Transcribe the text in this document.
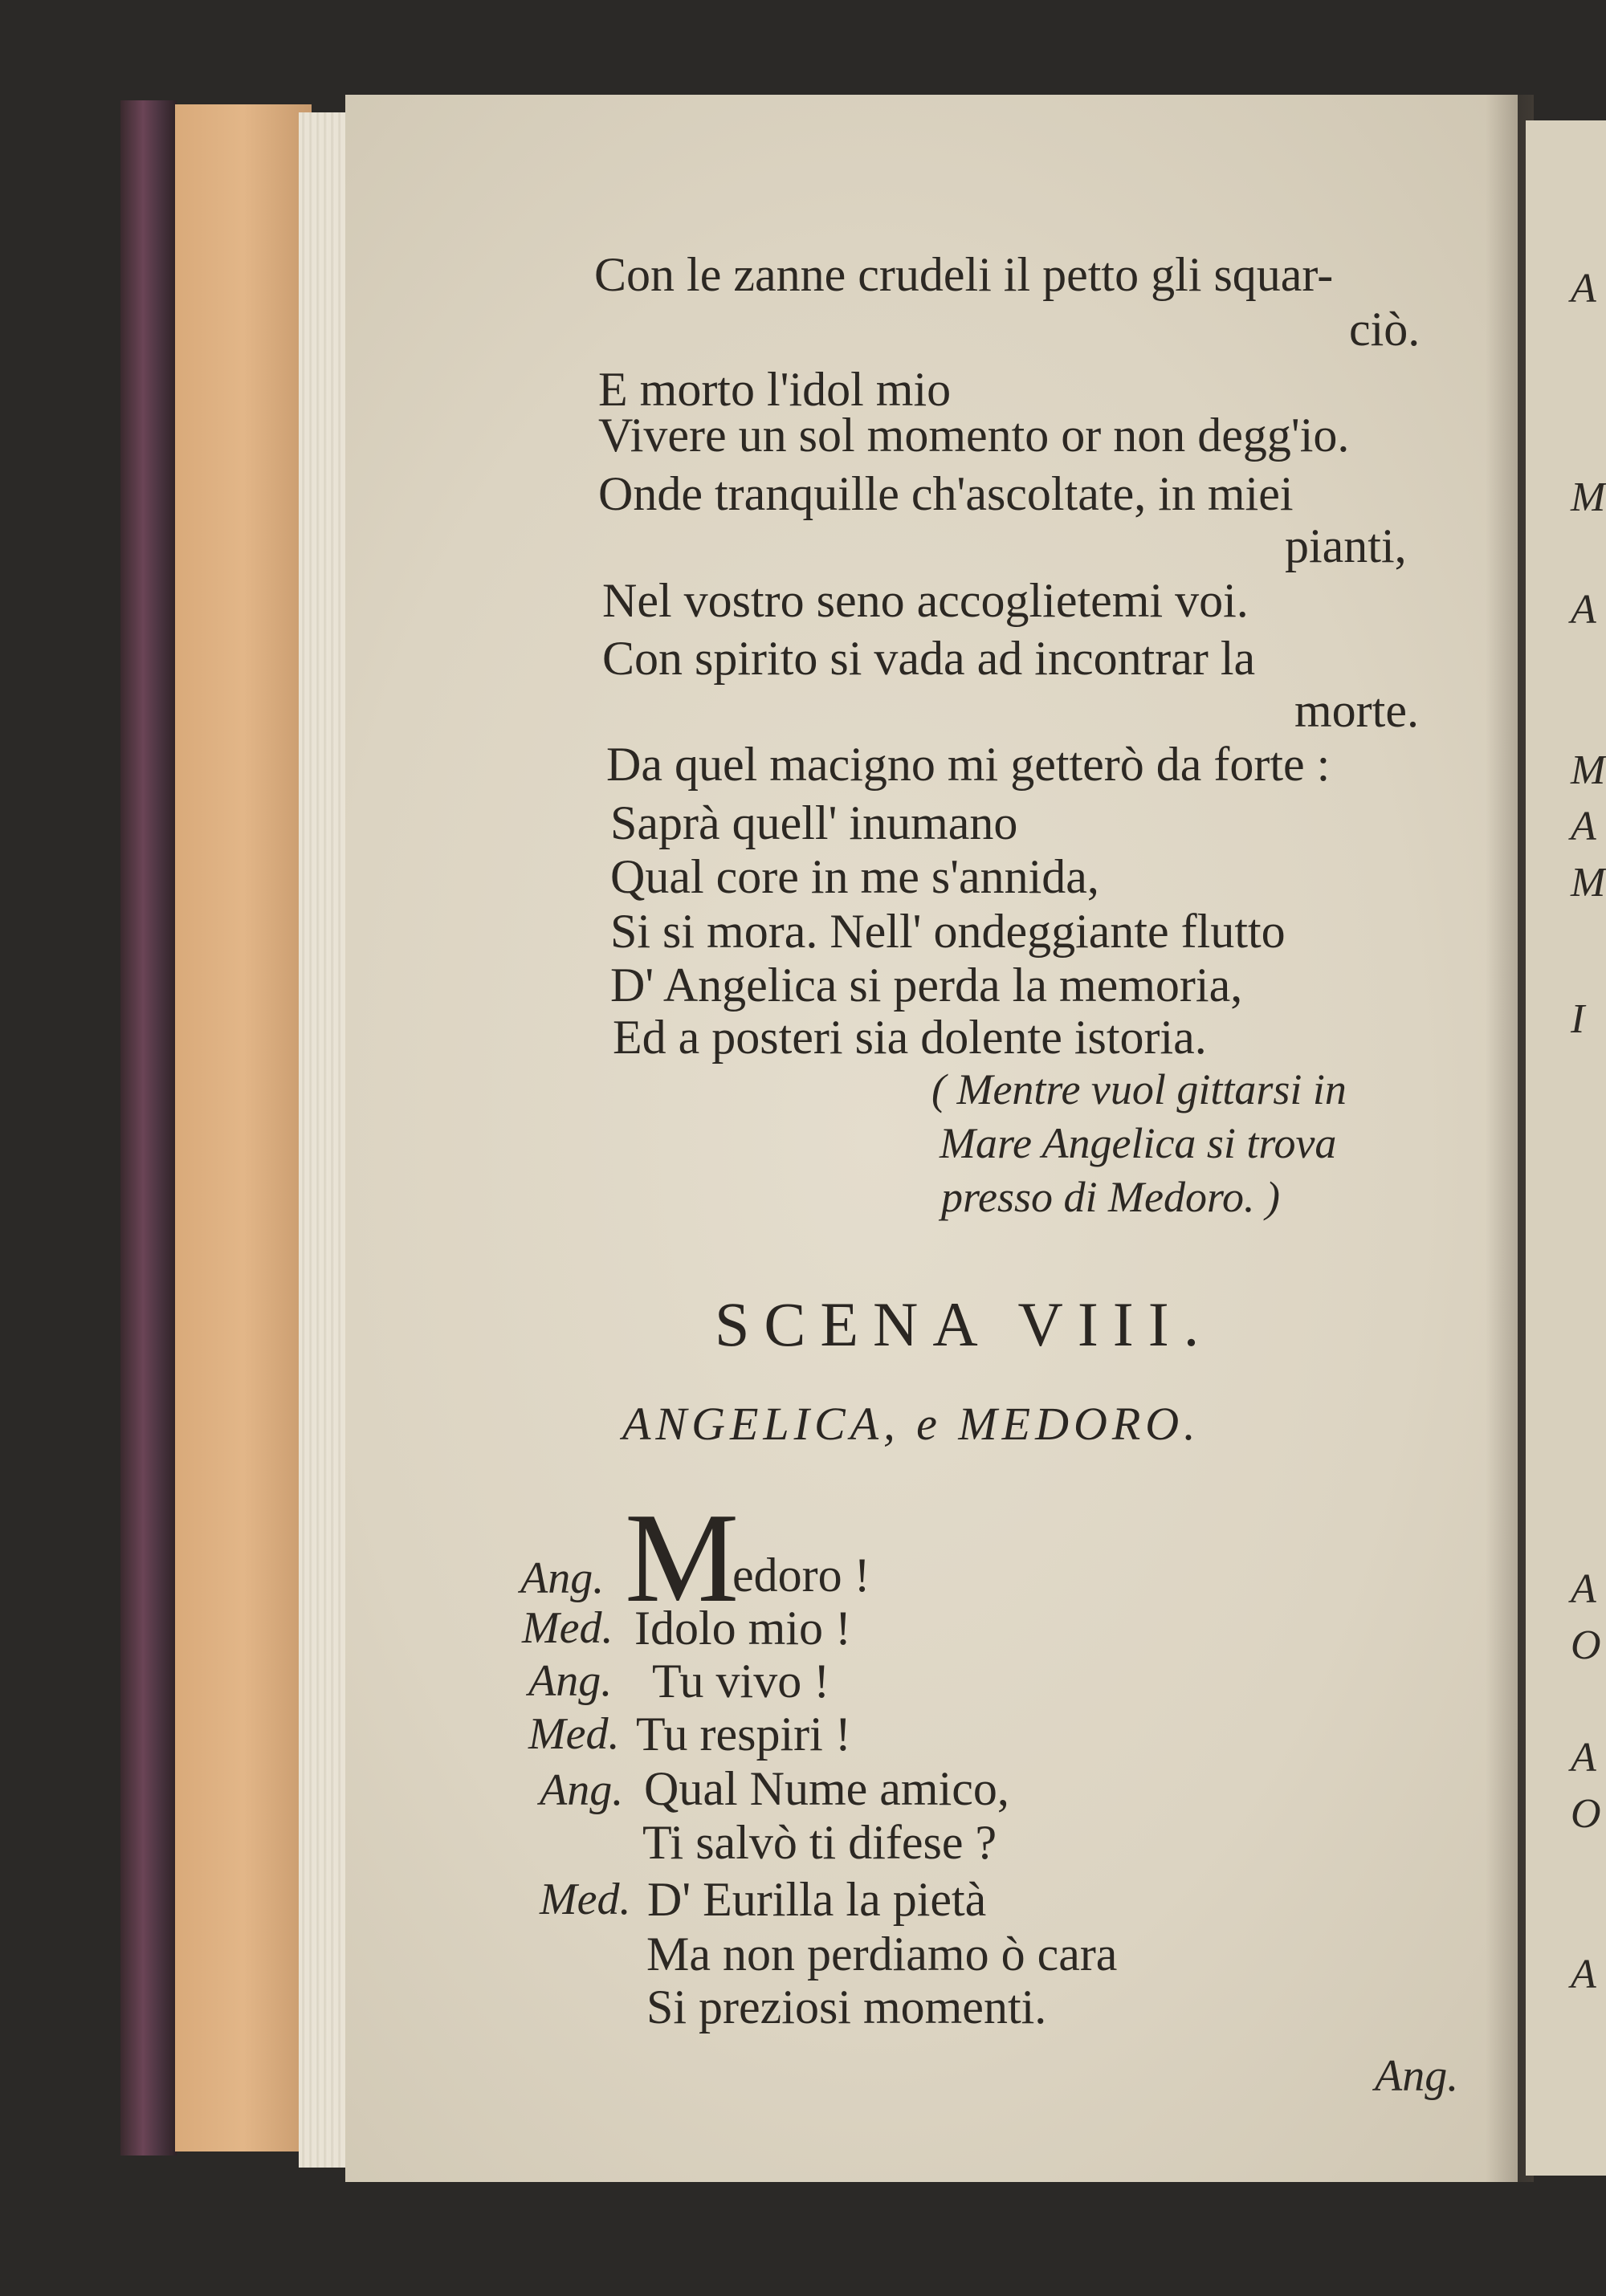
Con le zanne crudeli il petto gli squar-
ciò.
E morto l'idol mio
Vivere un sol momento or non degg'io.
Onde tranquille ch'ascoltate, in miei
pianti,
Nel vostro seno accoglietemi voi.
Con spirito si vada ad incontrar la
morte.
Da quel macigno mi getterò da forte :
Saprà quell' inumano
Qual core in me s'annida,
Si si mora. Nell' ondeggiante flutto
D' Angelica si perda la memoria,
Ed a posteri sia dolente istoria.
( Mentre vuol gittarsi in
Mare Angelica si trova
presso di Medoro. )
SCENA VIII.
ANGELICA, e MEDORO.
Ang. M
edoro !
Med. Idolo mio !
Ang. Tu vivo !
Med. Tu respiri !
Ang. Qual Nume amico,
Ti salvò ti difese ?
Med. D' Eurilla la pietà
Ma non perdiamo ò cara
Si preziosi momenti.
Ang.
A
M
A
M
A
M
I
A
O
A
O
A
